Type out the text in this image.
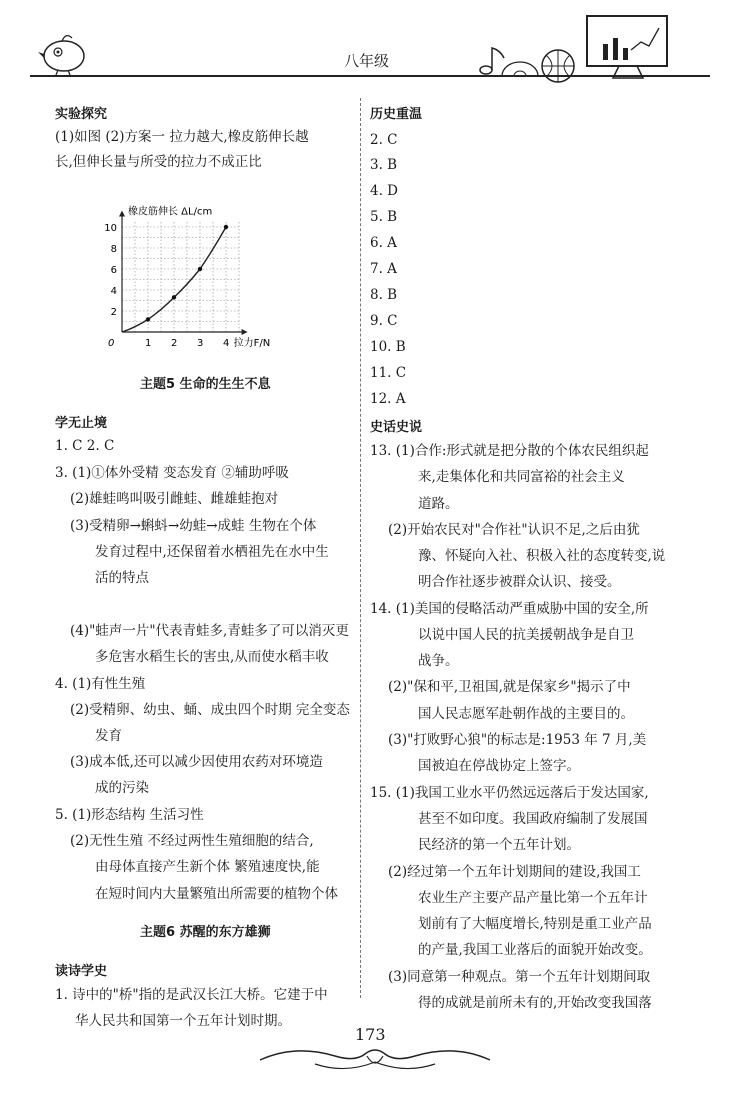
八年级
实验探究
(1)如图 (2)方案一 拉力越大,橡皮筋伸长越
长,但伸长量与所受的拉力不成正比
1 2 3 4
2
4
6
8
10
0
橡皮筋伸长 ΔL/cm
拉力F/N
主题5 生命的生生不息
学无止境
1. C 2. C
3. (1)①体外受精 变态发育 ②辅助呼吸
(2)雄蛙鸣叫吸引雌蛙、雌雄蛙抱对
(3)受精卵→蝌蚪→幼蛙→成蛙 生物在个体
发育过程中,还保留着水栖祖先在水中生
活的特点
(4)"蛙声一片"代表青蛙多,青蛙多了可以消灭更
多危害水稻生长的害虫,从而使水稻丰收
4. (1)有性生殖
(2)受精卵、幼虫、蛹、成虫四个时期 完全变态
发育
(3)成本低,还可以减少因使用农药对环境造
成的污染
5. (1)形态结构 生活习性
(2)无性生殖 不经过两性生殖细胞的结合,
由母体直接产生新个体 繁殖速度快,能
在短时间内大量繁殖出所需要的植物个体
主题6 苏醒的东方雄狮
读诗学史
1. 诗中的"桥"指的是武汉长江大桥。它建于中
华人民共和国第一个五年计划时期。
历史重温
2. C
3. B
4. D
5. B
6. A
7. A
8. B
9. C
10. B
11. C
12. A
史话史说
13. (1)合作:形式就是把分散的个体农民组织起
来,走集体化和共同富裕的社会主义
道路。
(2)开始农民对"合作社"认识不足,之后由犹
豫、怀疑向入社、积极入社的态度转变,说
明合作社逐步被群众认识、接受。
14. (1)美国的侵略活动严重威胁中国的安全,所
以说中国人民的抗美援朝战争是自卫
战争。
(2)"保和平,卫祖国,就是保家乡"揭示了中
国人民志愿军赴朝作战的主要目的。
(3)"打败野心狼"的标志是:1953 年 7 月,美
国被迫在停战协定上签字。
15. (1)我国工业水平仍然远远落后于发达国家,
甚至不如印度。我国政府编制了发展国
民经济的第一个五年计划。
(2)经过第一个五年计划期间的建设,我国工
农业生产主要产品产量比第一个五年计
划前有了大幅度增长,特别是重工业产品
的产量,我国工业落后的面貌开始改变。
(3)同意第一种观点。第一个五年计划期间取
得的成就是前所未有的,开始改变我国落
173
